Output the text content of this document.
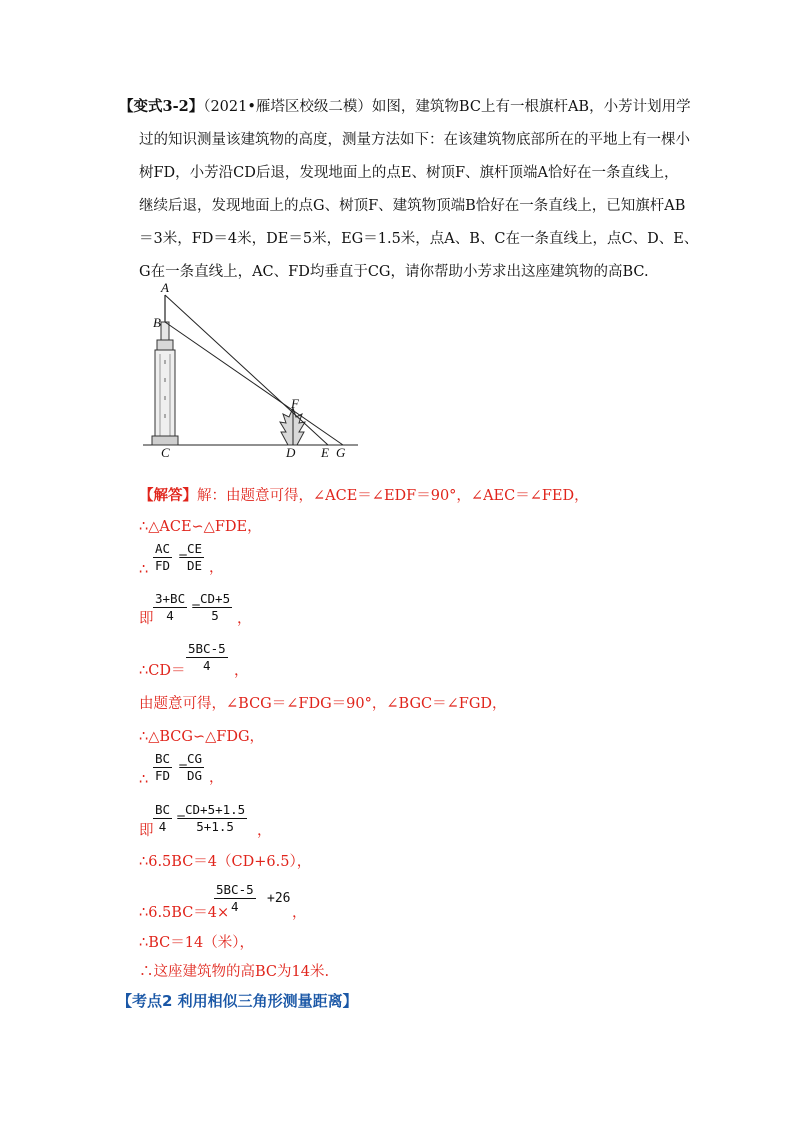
【变式3-2】（2021•雁塔区校级二模）如图，建筑物BC上有一根旗杆AB，小芳计划用学
过的知识测量该建筑物的高度，测量方法如下：在该建筑物底部所在的平地上有一棵小
树FD，小芳沿CD后退，发现地面上的点E、树顶F、旗杆顶端A恰好在一条直线上，
继续后退，发现地面上的点G、树顶F、建筑物顶端B恰好在一条直线上，已知旗杆AB
＝3米，FD＝4米，DE＝5米，EG＝1.5米，点A、B、C在一条直线上，点C、D、E、
G在一条直线上，AC、FD均垂直于CG，请你帮助小芳求出这座建筑物的高BC.
A
B
C	D E G
F
【解答】解：由题意可得，∠ACE＝∠EDF＝90°，∠AEC＝∠FED，
∴△ACE∽△FDE，
∴ $\frac{AC}{FD}$ =
$\frac{CE}{DE}$ ，
即 $\frac{3+BC}{4}$ =
$\frac{CD+5}{5}$ ，
∴CD＝ $\frac{5BC-5}{4}$ ，
由题意可得，∠BCG＝∠FDG＝90°，∠BGC＝∠FGD，
∴△BCG∽△FDG，
∴ $\frac{BC}{FD}$ =
$\frac{CG}{DG}$ ，
即 $\frac{BC}{4}$ =
$\frac{CD+5+1.5}{5+1.5}$ ，
∴6.5BC＝4（CD+6.5），
∴6.5BC＝4×
$\frac{5BC-5}{4} +26$
，
∴BC＝14（米），
∴这座建筑物的高BC为14米.
【考点2 利用相似三角形测量距离】
